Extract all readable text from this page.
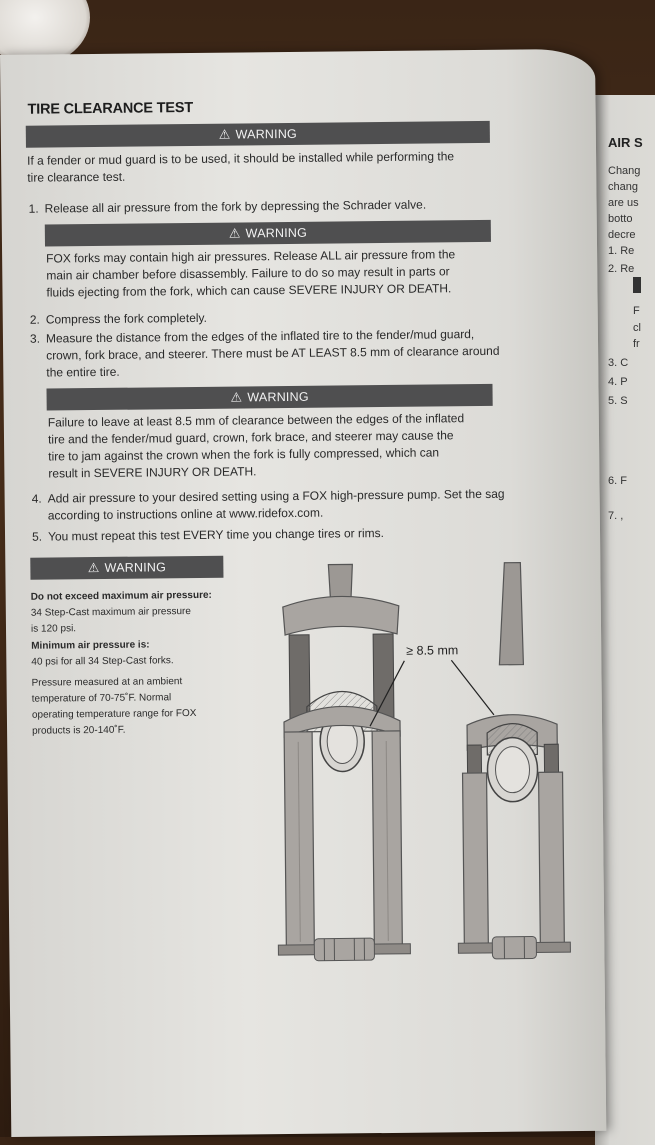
AIR S
Chang
chang
are us
botto
decre
1. Re
2. Re
F
cl
fr
3. C
4. P
5. S
6. F
7. ,
TIRE CLEARANCE TEST
⚠ WARNING
If a fender or mud guard is to be used, it should be installed while performing the
tire clearance test.
1. Release all air pressure from the fork by depressing the Schrader valve.
⚠ WARNING
FOX forks may contain high air pressures. Release ALL air pressure from the
main air chamber before disassembly. Failure to do so may result in parts or
fluids ejecting from the fork, which can cause SEVERE INJURY OR DEATH.
2. Compress the fork completely.
3. Measure the distance from the edges of the inflated tire to the fender/mud guard,
crown, fork brace, and steerer. There must be AT LEAST 8.5 mm of clearance around
the entire tire.
⚠ WARNING
Failure to leave at least 8.5 mm of clearance between the edges of the inflated
tire and the fender/mud guard, crown, fork brace, and steerer may cause the
tire to jam against the crown when the fork is fully compressed, which can
result in SEVERE INJURY OR DEATH.
4. Add air pressure to your desired setting using a FOX high-pressure pump. Set the sag
according to instructions online at www.ridefox.com.
5. You must repeat this test EVERY time you change tires or rims.
⚠ WARNING
Do not exceed maximum air pressure:
34 Step-Cast maximum air pressure
is 120 psi.
Minimum air pressure is:
40 psi for all 34 Step-Cast forks.
Pressure measured at an ambient
temperature of 70-75˚F. Normal
operating temperature range for FOX
products is 20-140˚F.
≥ 8.5 mm
